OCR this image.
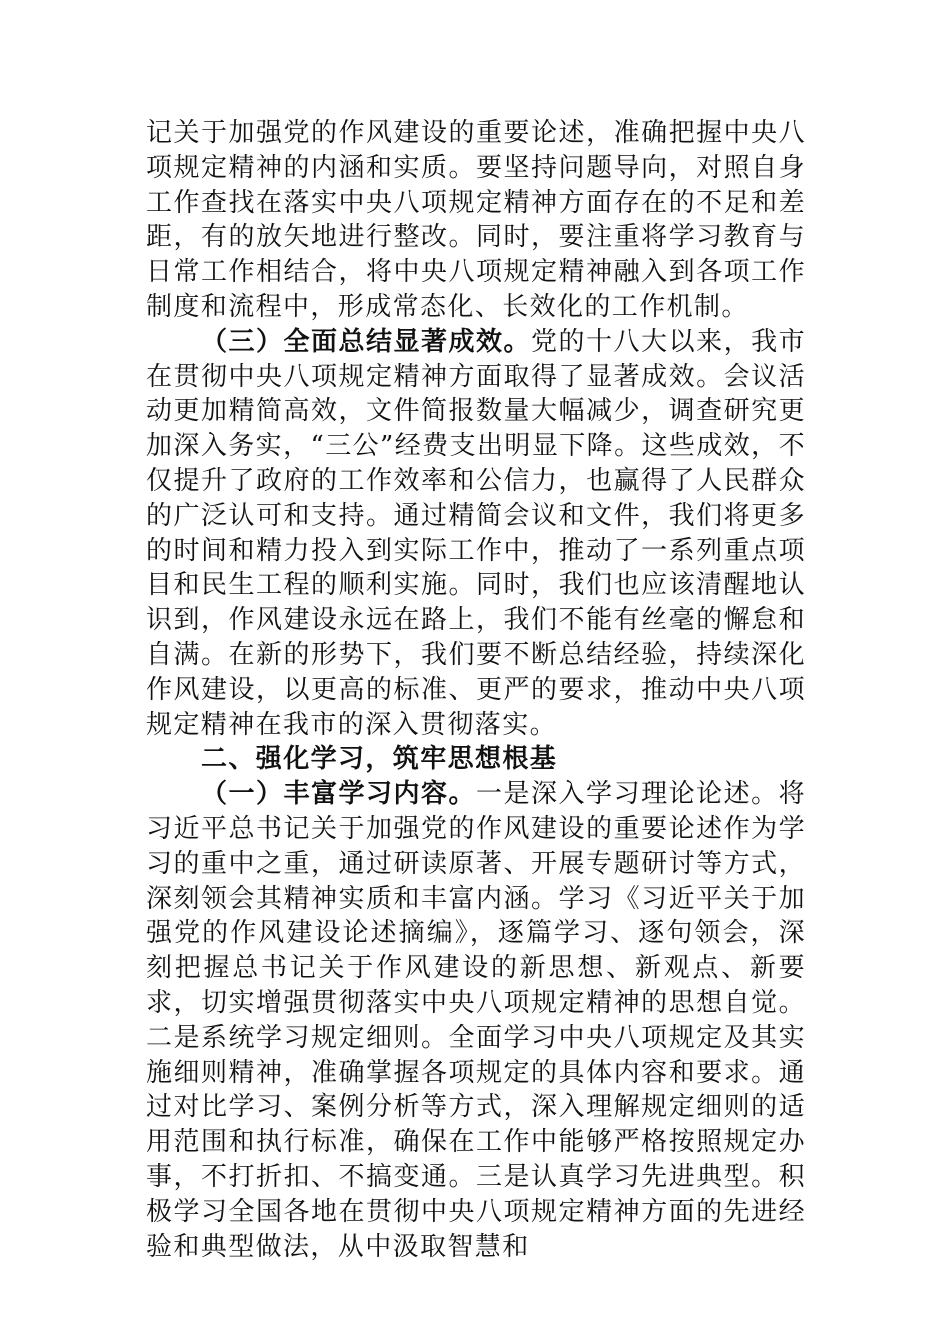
记关于加强党的作风建设的重要论述，准确把握中央八项规定精神的内涵和实质。要坚持问题导向，对照自身工作查找在落实中央八项规定精神方面存在的不足和差距，有的放矢地进行整改。同时，要注重将学习教育与日常工作相结合，将中央八项规定精神融入到各项工作制度和流程中，形成常态化、长效化的工作机制。

（三）全面总结显著成效。党的十八大以来，我市在贯彻中央八项规定精神方面取得了显著成效。会议活动更加精简高效，文件简报数量大幅减少，调查研究更加深入务实，“三公”经费支出明显下降。这些成效，不仅提升了政府的工作效率和公信力，也赢得了人民群众的广泛认可和支持。通过精简会议和文件，我们将更多的时间和精力投入到实际工作中，推动了一系列重点项目和民生工程的顺利实施。同时，我们也应该清醒地认识到，作风建设永远在路上，我们不能有丝毫的懈怠和自满。在新的形势下，我们要不断总结经验，持续深化作风建设，以更高的标准、更严的要求，推动中央八项规定精神在我市的深入贯彻落实。

二、强化学习，筑牢思想根基

（一）丰富学习内容。一是深入学习理论论述。将习近平总书记关于加强党的作风建设的重要论述作为学习的重中之重，通过研读原著、开展专题研讨等方式，深刻领会其精神实质和丰富内涵。学习《习近平关于加强党的作风建设论述摘编》，逐篇学习、逐句领会，深刻把握总书记关于作风建设的新思想、新观点、新要求，切实增强贯彻落实中央八项规定精神的思想自觉。二是系统学习规定细则。全面学习中央八项规定及其实施细则精神，准确掌握各项规定的具体内容和要求。通过对比学习、案例分析等方式，深入理解规定细则的适用范围和执行标准，确保在工作中能够严格按照规定办事，不打折扣、不搞变通。三是认真学习先进典型。积极学习全国各地在贯彻中央八项规定精神方面的先进经验和典型做法，从中汲取智慧和
